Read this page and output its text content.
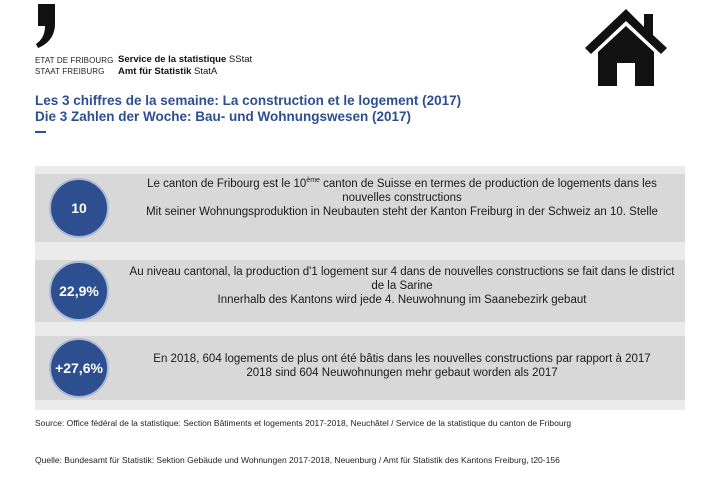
ETAT DE FRIBOURG
STAAT FREIBURG
Service de la statistique SStat
Amt für Statistik StatA
Les 3 chiffres de la semaine: La construction et le logement (2017)
Die 3 Zahlen der Woche: Bau- und Wohnungswesen (2017)
10
Le canton de Fribourg est le 10ème canton de Suisse en termes de production de logements dans les nouvelles constructions
Mit seiner Wohnungsproduktion in Neubauten steht der Kanton Freiburg in der Schweiz an 10. Stelle
22,9%
Au niveau cantonal, la production d'1 logement sur 4 dans de nouvelles constructions se fait dans le district de la Sarine
Innerhalb des Kantons wird jede 4. Neuwohnung im Saanebezirk gebaut
+27,6%
En 2018, 604 logements de plus ont été bâtis dans les nouvelles constructions par rapport à 2017
2018 sind 604 Neuwohnungen mehr gebaut worden als 2017
Source: Office fédéral de la statistique: Section Bâtiments et logements 2017-2018, Neuchâtel / Service de la statistique du canton de Fribourg
Quelle: Bundesamt für Statistik: Sektion Gebäude und Wohnungen 2017-2018, Neuenburg / Amt für Statistik des Kantons Freiburg, t20-156
